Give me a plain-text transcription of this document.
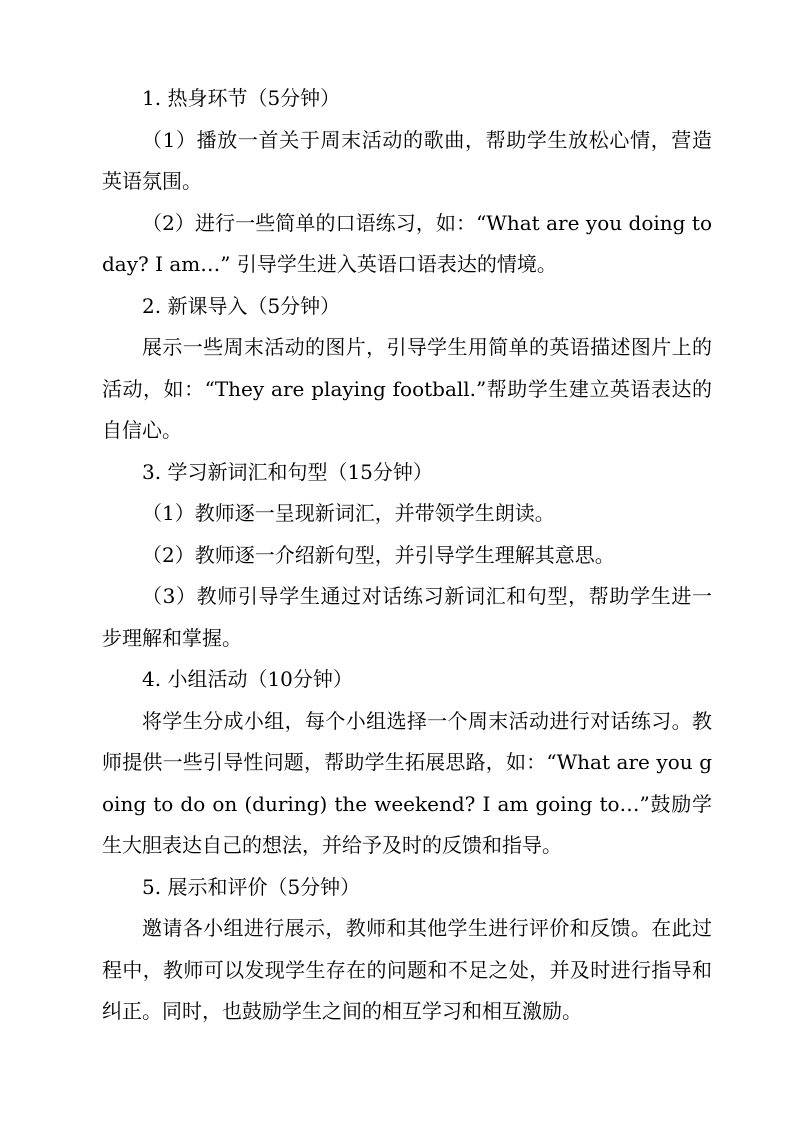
1. 热身环节（5分钟）

（1）播放一首关于周末活动的歌曲，帮助学生放松心情，营造英语氛围。

（2）进行一些简单的口语练习，如：“What are you doing today? I am…” 引导学生进入英语口语表达的情境。

2. 新课导入（5分钟）

展示一些周末活动的图片，引导学生用简单的英语描述图片上的活动，如：“They are playing football.”帮助学生建立英语表达的自信心。

3. 学习新词汇和句型（15分钟）

（1）教师逐一呈现新词汇，并带领学生朗读。

（2）教师逐一介绍新句型，并引导学生理解其意思。

（3）教师引导学生通过对话练习新词汇和句型，帮助学生进一步理解和掌握。

4. 小组活动（10分钟）

将学生分成小组，每个小组选择一个周末活动进行对话练习。教师提供一些引导性问题，帮助学生拓展思路，如：“What are you going to do on (during) the weekend? I am going to…”鼓励学生大胆表达自己的想法，并给予及时的反馈和指导。

5. 展示和评价（5分钟）

邀请各小组进行展示，教师和其他学生进行评价和反馈。在此过程中，教师可以发现学生存在的问题和不足之处，并及时进行指导和纠正。同时，也鼓励学生之间的相互学习和相互激励。
